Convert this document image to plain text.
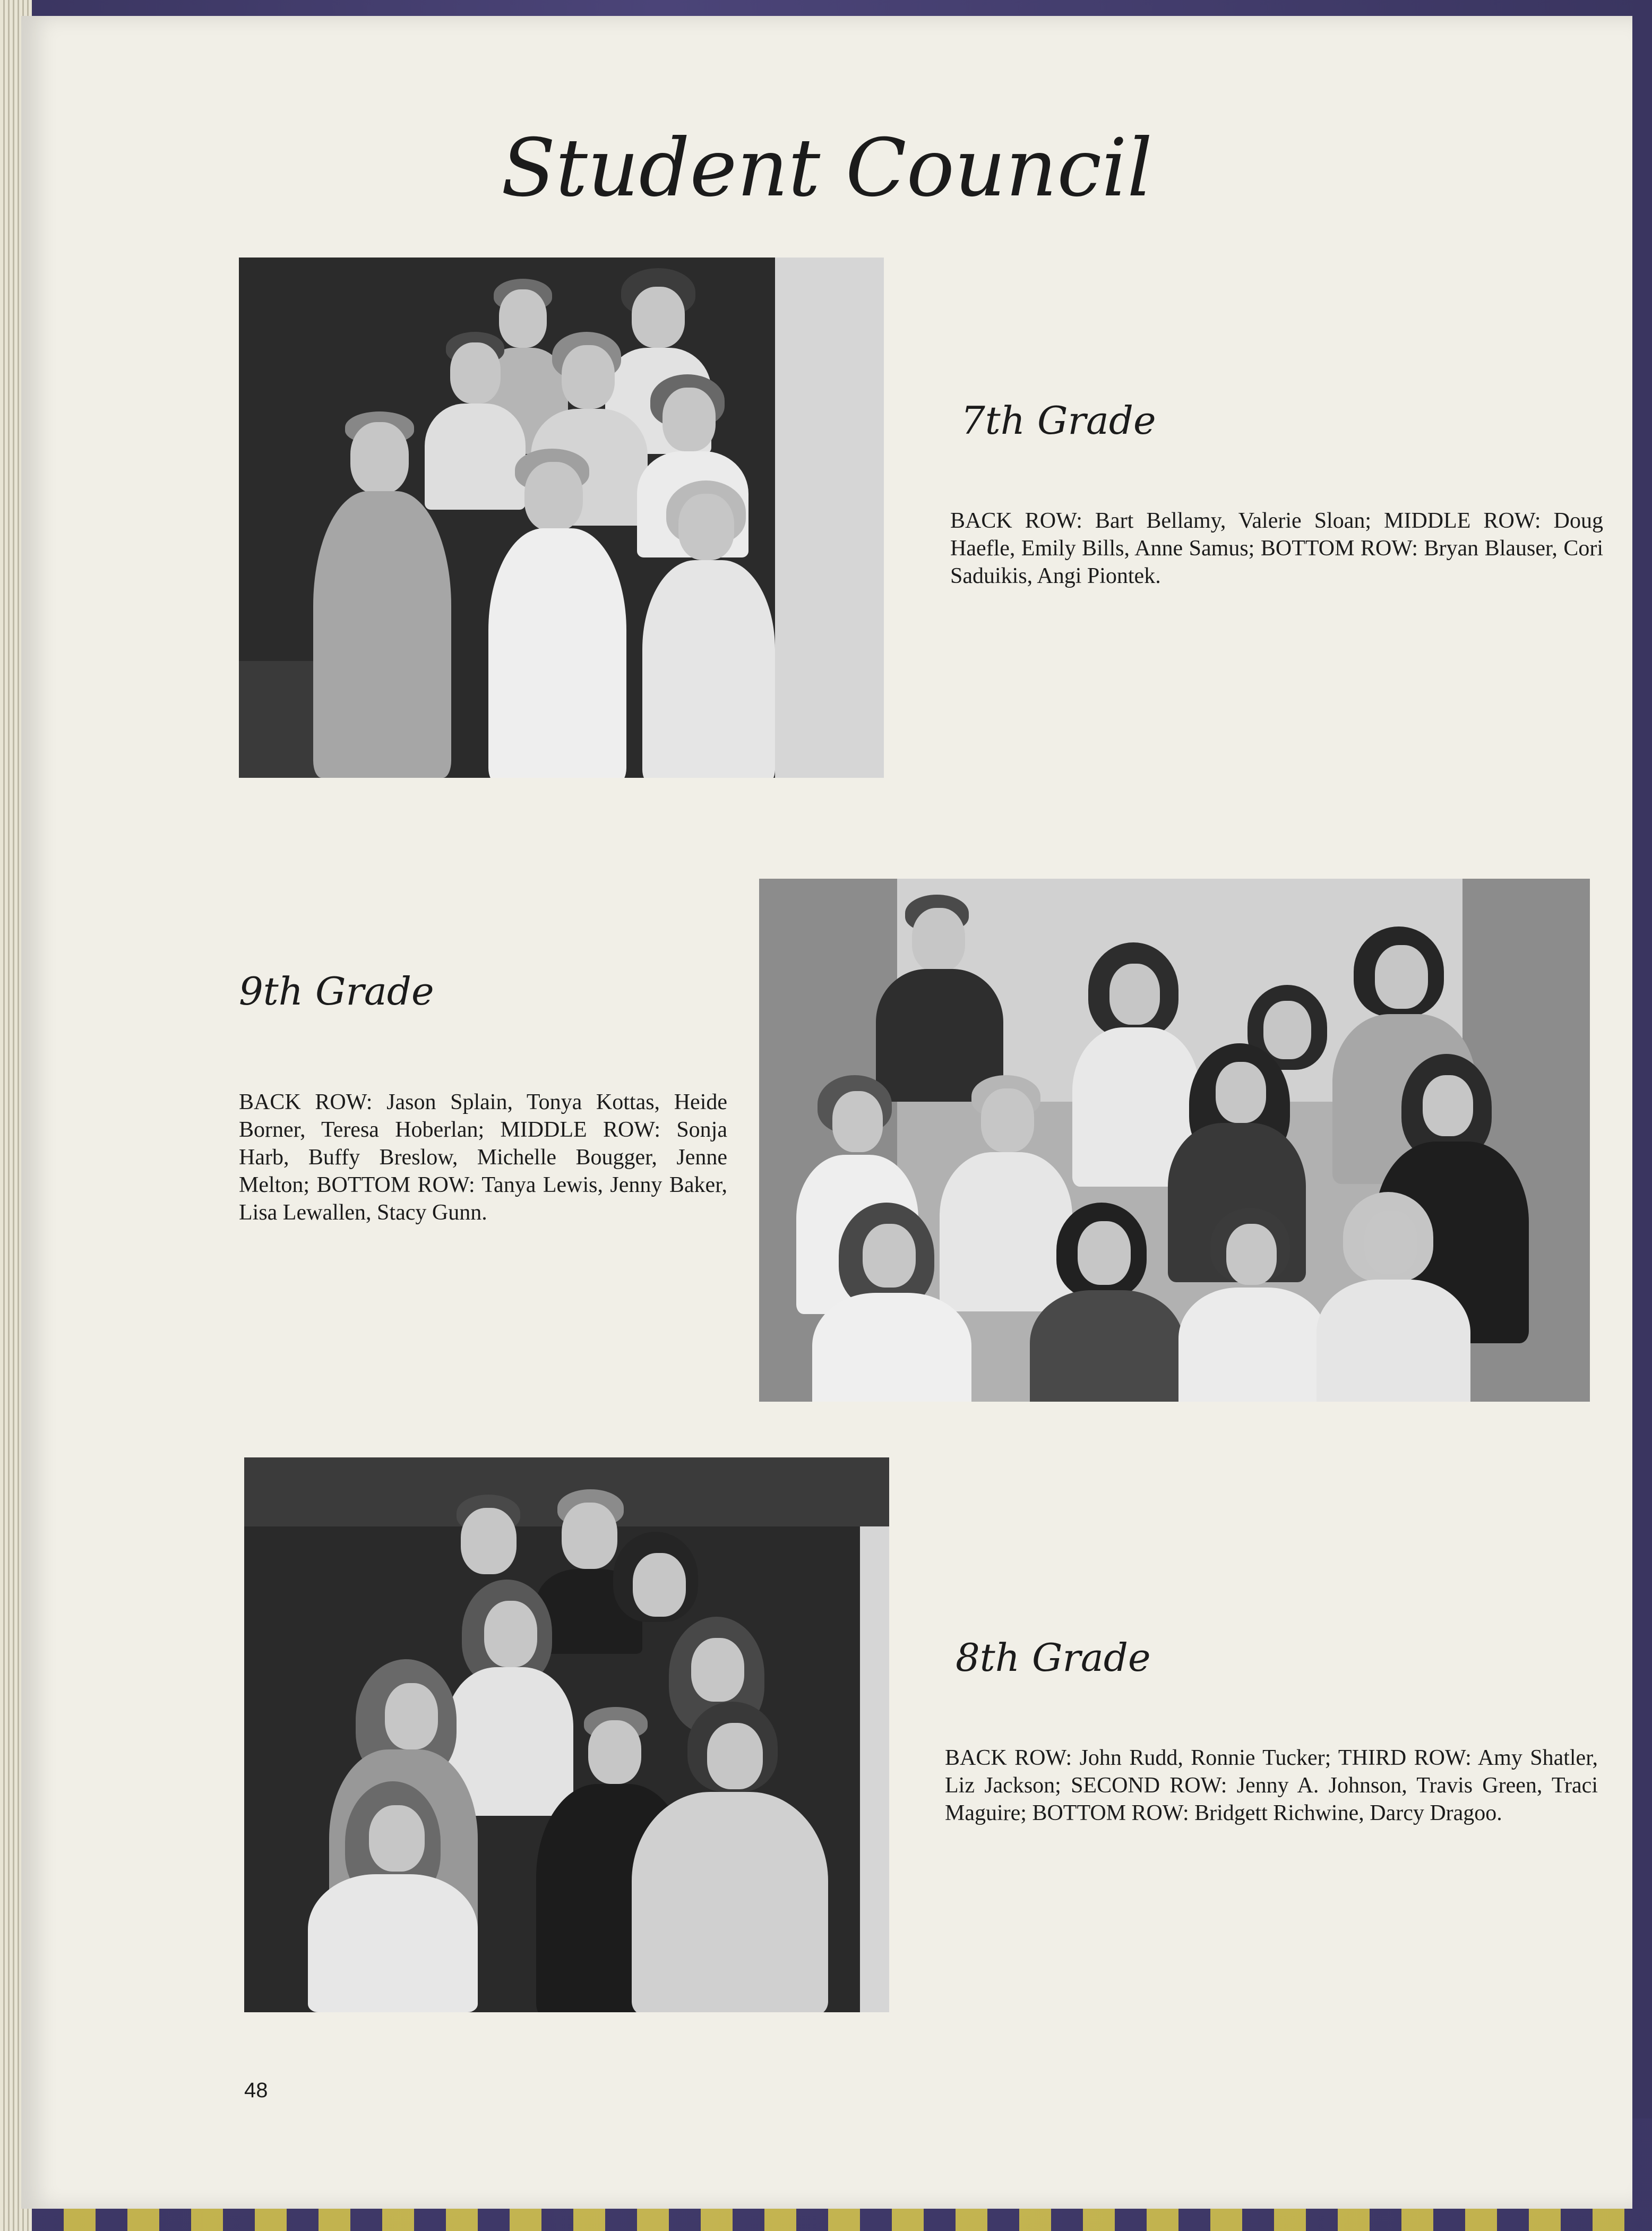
Student Council
7th Grade
BACK ROW: Bart Bellamy, Valerie Sloan; MIDDLE ROW: Doug Haefle, Emily Bills, Anne Samus; BOTTOM ROW: Bryan Blauser, Cori Saduikis, Angi Piontek.
9th Grade
BACK ROW: Jason Splain, Tonya Kottas, Heide Borner, Teresa Hoberlan; MIDDLE ROW: Sonja Harb, Buffy Breslow, Michelle Bougger, Jenne Melton; BOTTOM ROW: Tanya Lewis, Jenny Baker, Lisa Lewallen, Stacy Gunn.
8th Grade
BACK ROW: John Rudd, Ronnie Tucker; THIRD ROW: Amy Shatler, Liz Jackson; SECOND ROW: Jenny A. Johnson, Travis Green, Traci Maguire; BOTTOM ROW: Bridgett Richwine, Darcy Dragoo.
48
